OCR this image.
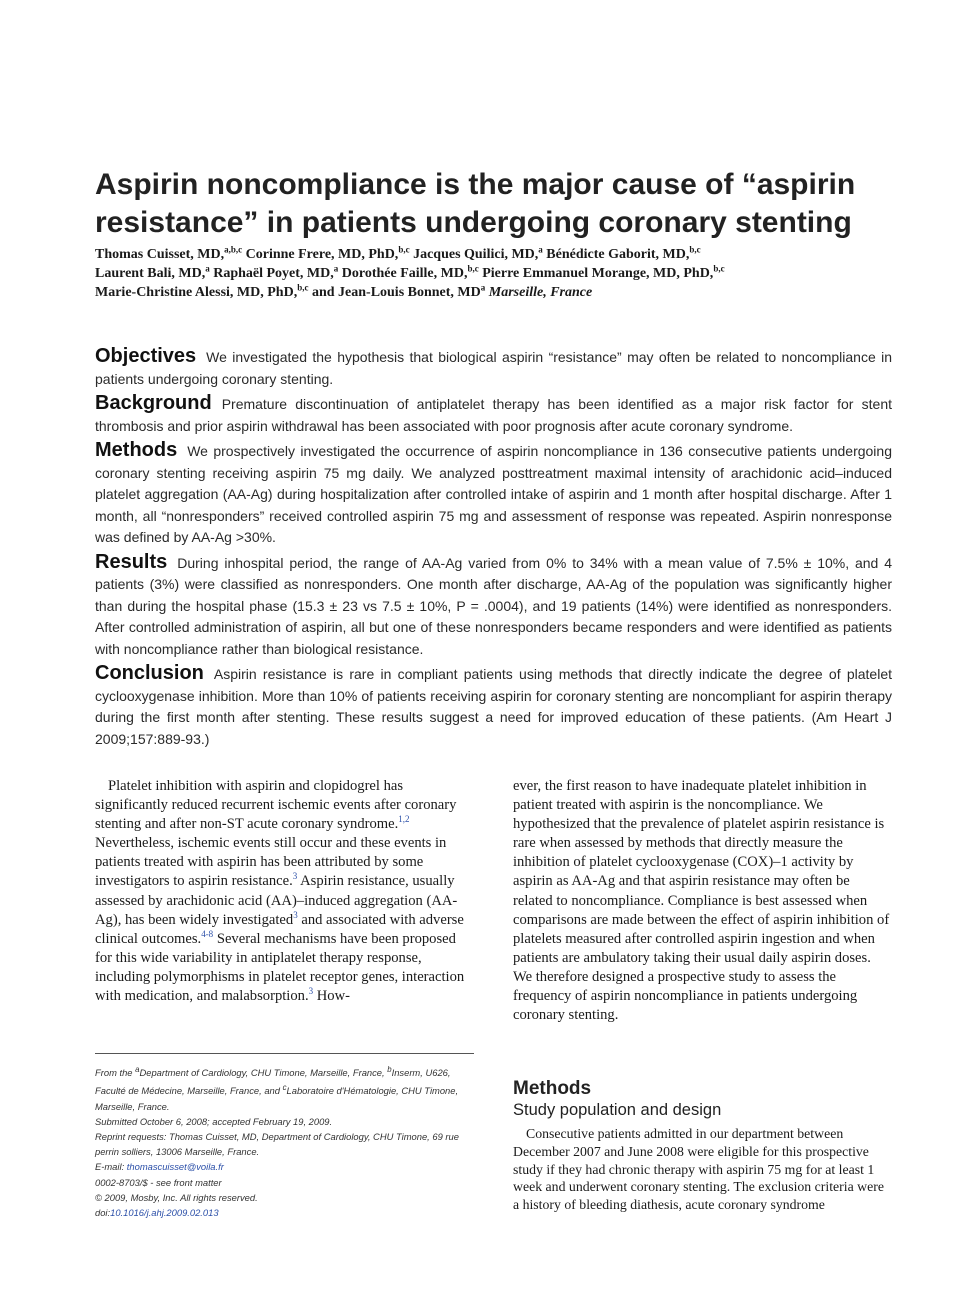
Aspirin noncompliance is the major cause of “aspirin resistance” in patients undergoing coronary stenting
Thomas Cuisset, MD,$^{a,b,c}$ Corinne Frere, MD, PhD,$^{b,c}$ Jacques Quilici, MD,$^a$ Bénédicte Gaborit, MD,$^{b,c}$
Laurent Bali, MD,$^a$ Raphaël Poyet, MD,$^a$ Dorothée Faille, MD,$^{b,c}$ Pierre Emmanuel Morange, MD, PhD,$^{b,c}$
Marie-Christine Alessi, MD, PhD,$^{b,c}$ and Jean-Louis Bonnet, $MD^a$ Marseille, France

Objectives We investigated the hypothesis that biological aspirin “resistance” may often be related to noncompliance in patients undergoing coronary stenting.

Background Premature discontinuation of antiplatelet therapy has been identified as a major risk factor for stent thrombosis and prior aspirin withdrawal has been associated with poor prognosis after acute coronary syndrome.

Methods We prospectively investigated the occurrence of aspirin noncompliance in 136 consecutive patients undergoing coronary stenting receiving aspirin 75 mg daily. We analyzed posttreatment maximal intensity of arachidonic acid–induced platelet aggregation (AA-Ag) during hospitalization after controlled intake of aspirin and 1 month after hospital discharge. After 1 month, all “nonresponders” received controlled aspirin 75 mg and assessment of response was repeated. Aspirin nonresponse was defined by AA-Ag >30%.

Results During inhospital period, the range of AA-Ag varied from 0% to 34% with a mean value of 7.5% ± 10%, and 4 patients (3%) were classified as nonresponders. One month after discharge, AA-Ag of the population was significantly higher than during the hospital phase (15.3 ± 23 vs 7.5 ± 10%, P = .0004), and 19 patients (14%) were identified as nonresponders. After controlled administration of aspirin, all but one of these nonresponders became responders and were identified as patients with noncompliance rather than biological resistance.

Conclusion Aspirin resistance is rare in compliant patients using methods that directly indicate the degree of platelet cyclooxygenase inhibition. More than 10% of patients receiving aspirin for coronary stenting are noncompliant for aspirin therapy during the first month after stenting. These results suggest a need for improved education of these patients. (Am Heart J 2009;157:889-93.)

Platelet inhibition with aspirin and clopidogrel has significantly reduced recurrent ischemic events after coronary stenting and after non-ST acute coronary syndrome.$^{1,2}$ Nevertheless, ischemic events still occur and these events in patients treated with aspirin has been attributed by some investigators to aspirin resistance.$^3$ Aspirin resistance, usually assessed by arachidonic acid (AA)–induced aggregation (AA-Ag), has been widely investigated$^3$ and associated with adverse clinical outcomes.$^{4-8}$ Several mechanisms have been proposed for this wide variability in antiplatelet therapy response, including polymorphisms in platelet receptor genes, interaction with medication, and malabsorption.$^3$ How-

ever, the first reason to have inadequate platelet inhibition in patient treated with aspirin is the noncompliance. We hypothesized that the prevalence of platelet aspirin resistance is rare when assessed by methods that directly measure the inhibition of platelet cyclooxygenase (COX)–1 activity by aspirin as AA-Ag and that aspirin resistance may often be related to noncompliance. Compliance is best assessed when comparisons are made between the effect of aspirin inhibition of platelets measured after controlled aspirin ingestion and when patients are ambulatory taking their usual daily aspirin doses. We therefore designed a prospective study to assess the frequency of aspirin noncompliance in patients undergoing coronary stenting.

From the $^a$Department of Cardiology, CHU Timone, Marseille, France, $^b$Inserm, U626, Faculté de Médecine, Marseille, France, and $^c$Laboratoire d'Hématologie, CHU Timone, Marseille, France.

Submitted October 6, 2008; accepted February 19, 2009.

Reprint requests: Thomas Cuisset, MD, Department of Cardiology, CHU Timone, 69 rue perrin solliers, 13006 Marseille, France.

E-mail: thomascuisset@voila.fr

0002-8703/$ - see front matter

© 2009, Mosby, Inc. All rights reserved.

doi:10.1016/j.ahj.2009.02.013

Methods
Study population and design

Consecutive patients admitted in our department between December 2007 and June 2008 were eligible for this prospective study if they had chronic therapy with aspirin 75 mg for at least 1 week and underwent coronary stenting. The exclusion criteria were a history of bleeding diathesis, acute coronary syndrome
